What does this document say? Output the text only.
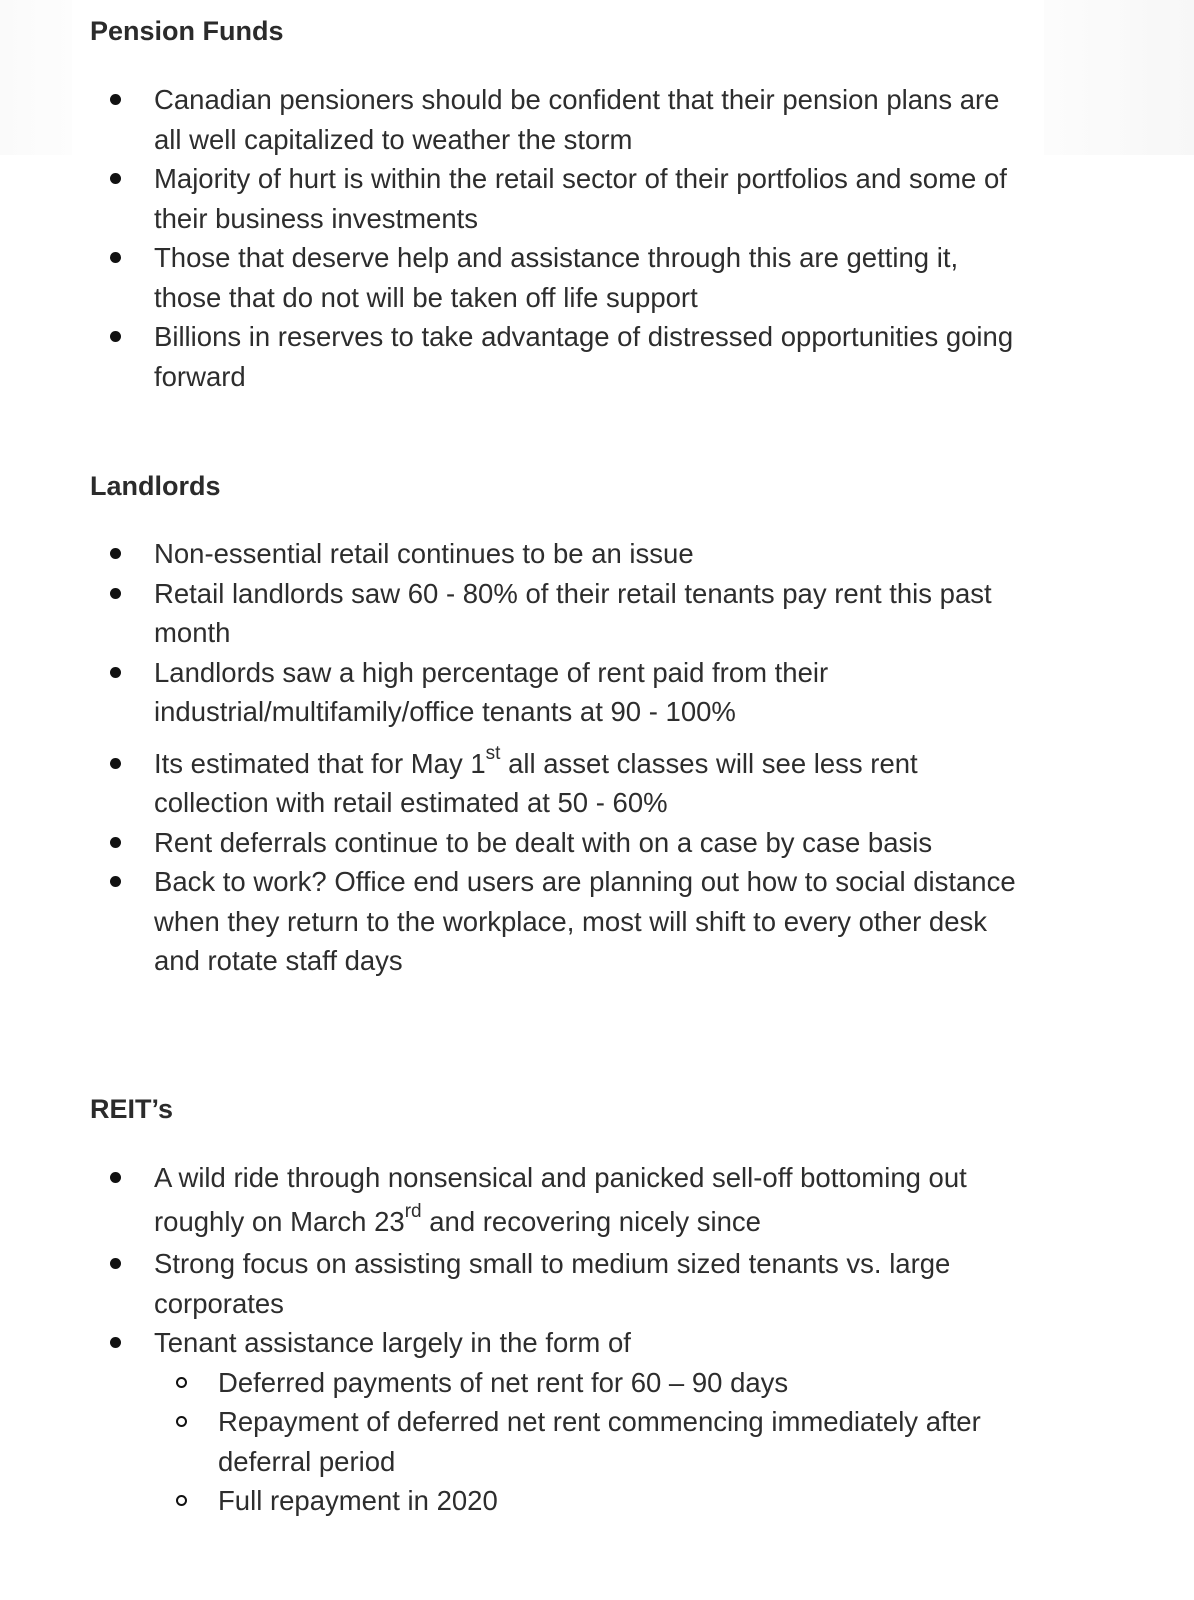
Pension Funds
Canadian pensioners should be confident that their pension plans are all well capitalized to weather the storm
Majority of hurt is within the retail sector of their portfolios and some of their business investments
Those that deserve help and assistance through this are getting it, those that do not will be taken off life support
Billions in reserves to take advantage of distressed opportunities going forward
Landlords
Non-essential retail continues to be an issue
Retail landlords saw 60 - 80% of their retail tenants pay rent this past month
Landlords saw a high percentage of rent paid from their industrial/multifamily/office tenants at 90 - 100%
Its estimated that for May 1st all asset classes will see less rent collection with retail estimated at 50 - 60%
Rent deferrals continue to be dealt with on a case by case basis
Back to work? Office end users are planning out how to social distance when they return to the workplace, most will shift to every other desk and rotate staff days
REIT’s
A wild ride through nonsensical and panicked sell-off bottoming out roughly on March 23rd and recovering nicely since
Strong focus on assisting small to medium sized tenants vs. large corporates
Tenant assistance largely in the form of
Deferred payments of net rent for 60 – 90 days
Repayment of deferred net rent commencing immediately after deferral period
Full repayment in 2020
